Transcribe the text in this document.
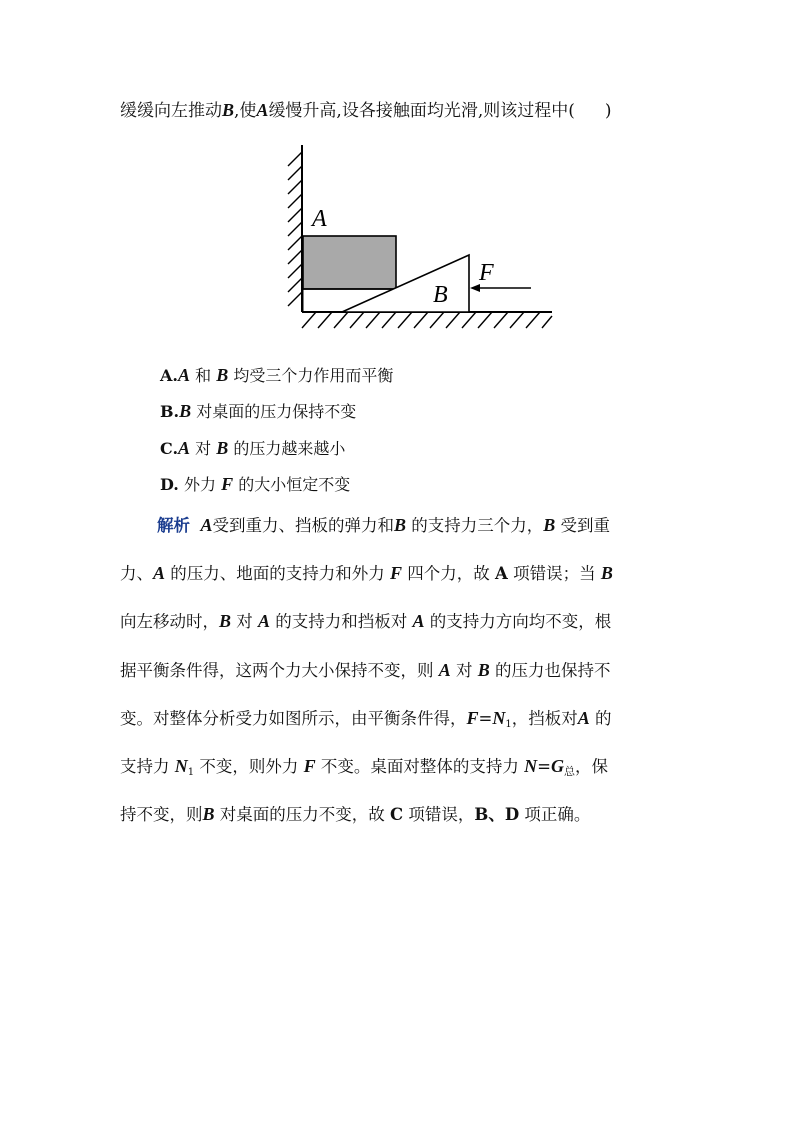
缓缓向左推动B,使A缓慢升高,设各接触面均光滑,则该过程中( )
A
B
F
A.A 和 B 均受三个力作用而平衡
B.B 对桌面的压力保持不变
C.A 对 B 的压力越来越小
D. 外力 F 的大小恒定不变
解析 A受到重力、挡板的弹力和B 的支持力三个力，B 受到重
力、A 的压力、地面的支持力和外力 F 四个力，故 A 项错误；当 B
向左移动时，B 对 A 的支持力和挡板对 A 的支持力方向均不变，根
据平衡条件得，这两个力大小保持不变，则 A 对 B 的压力也保持不
变。对整体分析受力如图所示，由平衡条件得，$F=N_1$，挡板对A 的
支持力 $N_1$ 不变，则外力 F 不变。桌面对整体的支持力 $N=G_总$，保
持不变，则B 对桌面的压力不变，故 C 项错误，B、D 项正确。
